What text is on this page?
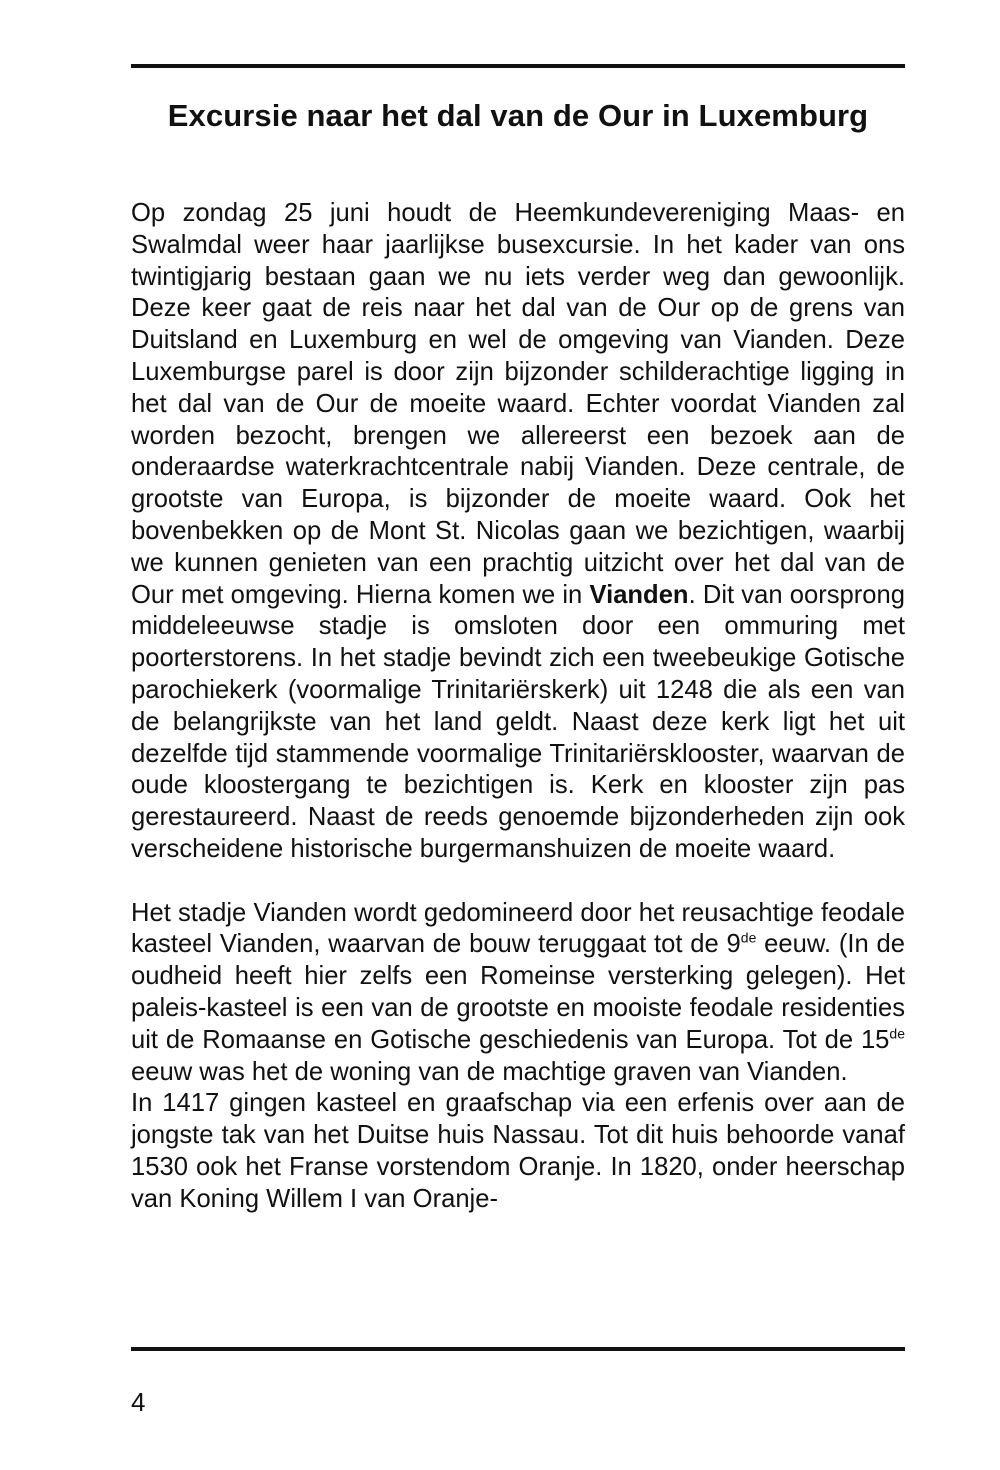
Excursie naar het dal van de Our in Luxemburg

Op zondag 25 juni houdt de Heemkundevereniging Maas- en Swalmdal weer haar jaarlijkse busexcursie. In het kader van ons twintigjarig bestaan gaan we nu iets verder weg dan gewoonlijk. Deze keer gaat de reis naar het dal van de Our op de grens van Duitsland en Luxemburg en wel de omgeving van Vianden. Deze Luxemburgse parel is door zijn bijzonder schilderachtige ligging in het dal van de Our de moeite waard. Echter voordat Vianden zal worden bezocht, brengen we allereerst een bezoek aan de onderaardse waterkrachtcentrale nabij Vianden. Deze centrale, de grootste van Europa, is bijzonder de moeite waard. Ook het bovenbekken op de Mont St. Nicolas gaan we bezichtigen, waarbij we kunnen genieten van een prachtig uitzicht over het dal van de Our met omgeving. Hierna komen we in Vianden. Dit van oorsprong middeleeuwse stadje is omsloten door een ommuring met poorterstorens. In het stadje bevindt zich een tweebeukige Gotische parochiekerk (voormalige Trinitariërskerk) uit 1248 die als een van de belangrijkste van het land geldt. Naast deze kerk ligt het uit dezelfde tijd stammende voormalige Trinitariërsklooster, waarvan de oude kloostergang te bezichtigen is. Kerk en klooster zijn pas gerestaureerd. Naast de reeds genoemde bijzonderheden zijn ook verscheidene historische burgermanshuizen de moeite waard.

Het stadje Vianden wordt gedomineerd door het reusachtige feodale kasteel Vianden, waarvan de bouw teruggaat tot de 9de eeuw. (In de oudheid heeft hier zelfs een Romeinse versterking gelegen). Het paleis-kasteel is een van de grootste en mooiste feodale residenties uit de Romaanse en Gotische geschiedenis van Europa. Tot de 15de eeuw was het de woning van de machtige graven van Vianden.

In 1417 gingen kasteel en graafschap via een erfenis over aan de jongste tak van het Duitse huis Nassau. Tot dit huis behoorde vanaf 1530 ook het Franse vorstendom Oranje. In 1820, onder heerschap van Koning Willem I van Oranje-

4
